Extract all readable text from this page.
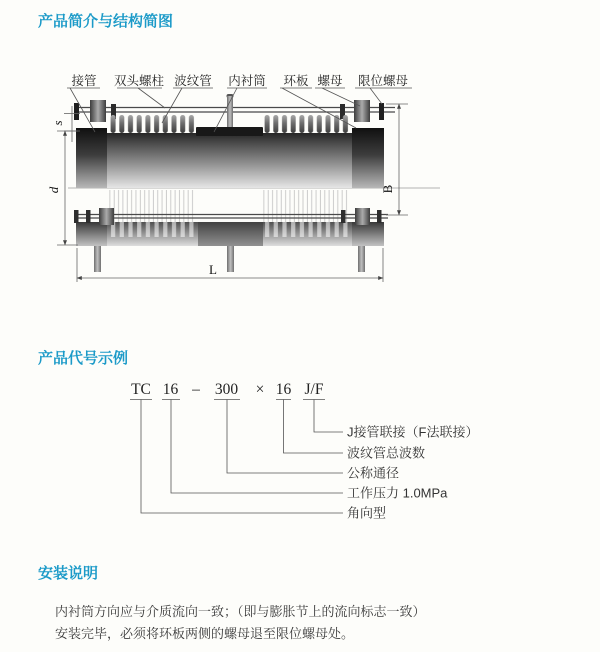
产品简介与结构简图
产品代号示例
安装说明
s
d	B
L
接管 双头螺柱 波纹管 内衬筒 环板 螺母 限位螺母
TC 16 – 300 × 16 J/F
J接管联接（F法联接）
波纹管总波数
公称通径
工作压力 1.0MPa
角向型
内衬筒方向应与介质流向一致；（即与膨胀节上的流向标志一致）
安装完毕，必须将环板两侧的螺母退至限位螺母处。
